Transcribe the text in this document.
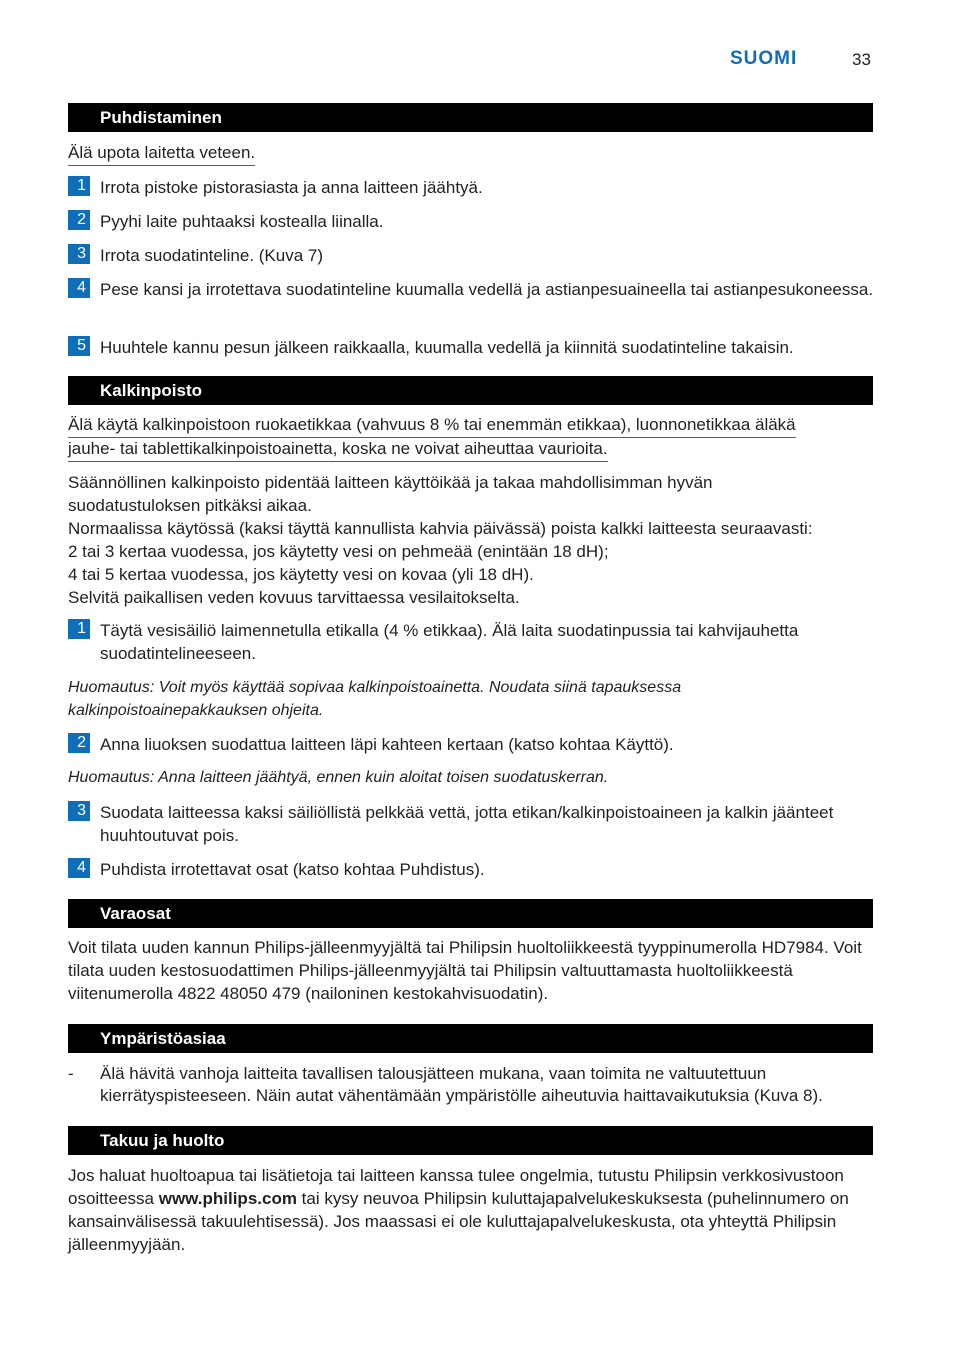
SUOMI	33
Puhdistaminen
Älä upota laitetta veteen.
1 Irrota pistoke pistorasiasta ja anna laitteen jäähtyä.
2 Pyyhi laite puhtaaksi kostealla liinalla.
3 Irrota suodatinteline. (Kuva 7)
4 Pese kansi ja irrotettava suodatinteline kuumalla vedellä ja astianpesuaineella tai astianpesukoneessa.
5 Huuhtele kannu pesun jälkeen raikkaalla, kuumalla vedellä ja kiinnitä suodatinteline takaisin.
Kalkinpoisto
Älä käytä kalkinpoistoon ruokaetikkaa (vahvuus 8 % tai enemmän etikkaa), luonnonetikkaa äläkä
jauhe- tai tablettikalkinpoistoainetta, koska ne voivat aiheuttaa vaurioita.
Säännöllinen kalkinpoisto pidentää laitteen käyttöikää ja takaa mahdollisimman hyvän
suodatustuloksen pitkäksi aikaa.
Normaalissa käytössä (kaksi täyttä kannullista kahvia päivässä) poista kalkki laitteesta seuraavasti:
2 tai 3 kertaa vuodessa, jos käytetty vesi on pehmeää (enintään 18 dH);
4 tai 5 kertaa vuodessa, jos käytetty vesi on kovaa (yli 18 dH).
Selvitä paikallisen veden kovuus tarvittaessa vesilaitokselta.
1 Täytä vesisäiliö laimennetulla etikalla (4 % etikkaa). Älä laita suodatinpussia tai kahvijauhetta suodatintelineeseen.
Huomautus: Voit myös käyttää sopivaa kalkinpoistoainetta. Noudata siinä tapauksessa kalkinpoistoainepakkauksen ohjeita.
2 Anna liuoksen suodattua laitteen läpi kahteen kertaan (katso kohtaa Käyttö).
Huomautus: Anna laitteen jäähtyä, ennen kuin aloitat toisen suodatuskerran.
3 Suodata laitteessa kaksi säiliöllistä pelkkää vettä, jotta etikan/kalkinpoistoaineen ja kalkin jäänteet huuhtoutuvat pois.
4 Puhdista irrotettavat osat (katso kohtaa Puhdistus).
Varaosat
Voit tilata uuden kannun Philips-jälleenmyyjältä tai Philipsin huoltoliikkeestä tyyppinumerolla HD7984. Voit tilata uuden kestosuodattimen Philips-jälleenmyyjältä tai Philipsin valtuuttamasta huoltoliikkeestä viitenumerolla 4822 48050 479 (nailoninen kestokahvisuodatin).
Ympäristöasiaa
- Älä hävitä vanhoja laitteita tavallisen talousjätteen mukana, vaan toimita ne valtuutettuun kierrätyspisteeseen. Näin autat vähentämään ympäristölle aiheutuvia haittavaikutuksia (Kuva 8).
Takuu ja huolto
Jos haluat huoltoapua tai lisätietoja tai laitteen kanssa tulee ongelmia, tutustu Philipsin verkkosivustoon osoitteessa www.philips.com tai kysy neuvoa Philipsin kuluttajapalvelukeskuksesta (puhelinnumero on kansainvälisessä takuulehtisessä). Jos maassasi ei ole kuluttajapalvelukeskusta, ota yhteyttä Philipsin jälleenmyyjään.
